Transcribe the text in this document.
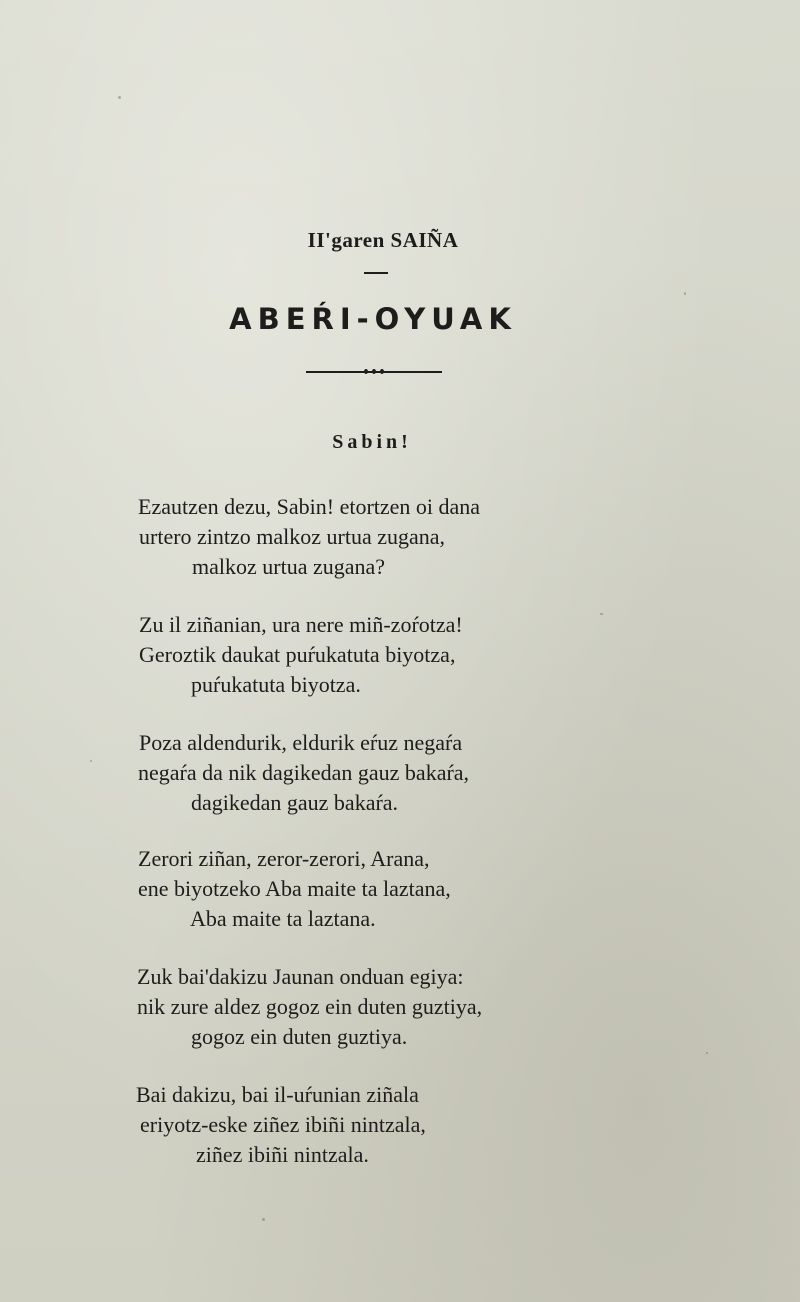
II'garen SAIÑA
ABEŔI-OYUAK
Sabin!
Ezautzen dezu, Sabin! etortzen oi dana
urtero zintzo malkoz urtua zugana,
malkoz urtua zugana?
Zu il ziñanian, ura nere miñ-zoŕotza!
Geroztik daukat puŕukatuta biyotza,
puŕukatuta biyotza.
Poza aldendurik, eldurik eŕuz negaŕa
negaŕa da nik dagikedan gauz bakaŕa,
dagikedan gauz bakaŕa.
Zerori ziñan, zeror-zerori, Arana,
ene biyotzeko Aba maite ta laztana,
Aba maite ta laztana.
Zuk bai'dakizu Jaunan onduan egiya:
nik zure aldez gogoz ein duten guztiya,
gogoz ein duten guztiya.
Bai dakizu, bai il-uŕunian ziñala
eriyotz-eske ziñez ibiñi nintzala,
ziñez ibiñi nintzala.
